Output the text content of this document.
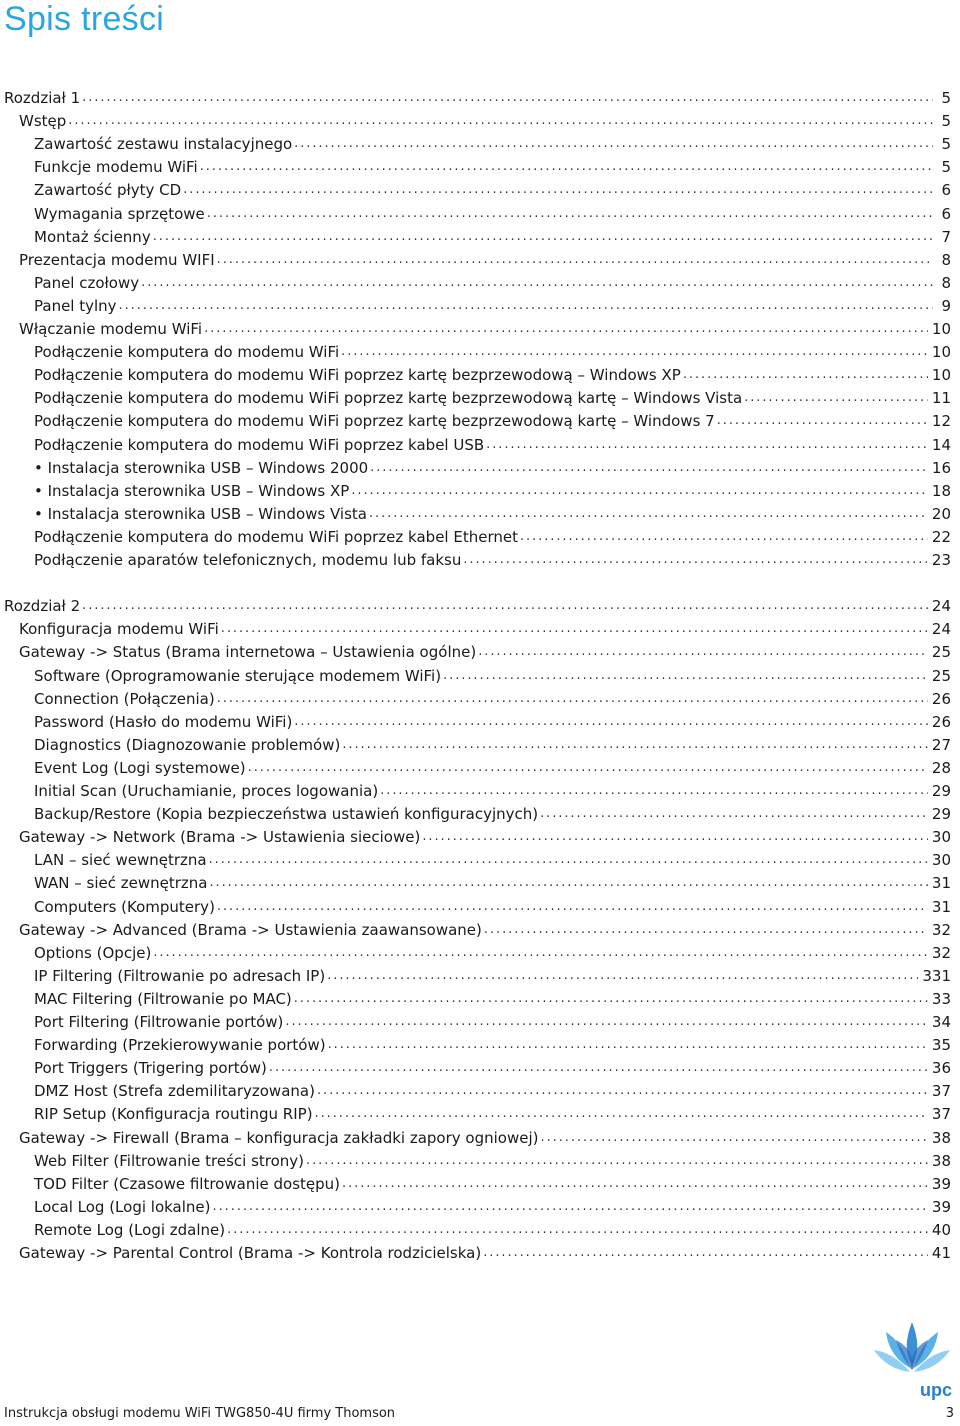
Spis treści
Rozdział 1 . . .	5
Wstęp . . .	5
Zawartość zestawu instalacyjnego . . .	5
Funkcje modemu WiFi . . .	5
Zawartość płyty CD . . .	6
Wymagania sprzętowe . . .	6
Montaż ścienny . . .	7
Prezentacja modemu WIFI . . .	8
Panel czołowy . . .	8
Panel tylny . . .	9
Włączanie modemu WiFi . . .	10
Podłączenie komputera do modemu WiFi . . .	10
Podłączenie komputera do modemu WiFi poprzez kartę bezprzewodową – Windows XP . . .	10
Podłączenie komputera do modemu WiFi poprzez kartę bezprzewodową kartę – Windows Vista . . .	11
Podłączenie komputera do modemu WiFi poprzez kartę bezprzewodową kartę – Windows 7 . . .	12
Podłączenie komputera do modemu WiFi poprzez kabel USB . . .	14
• Instalacja sterownika USB – Windows 2000 . . .	16
• Instalacja sterownika USB – Windows XP . . .	18
• Instalacja sterownika USB – Windows Vista . . .	20
Podłączenie komputera do modemu WiFi poprzez kabel Ethernet . . .	22
Podłączenie aparatów telefonicznych, modemu lub faksu . . .	23
Rozdział 2 . . .	24
Konfiguracja modemu WiFi . . .	24
Gateway -> Status (Brama internetowa – Ustawienia ogólne) . . .	25
Software (Oprogramowanie sterujące modemem WiFi) . . .	25
Connection (Połączenia) . . .	26
Password (Hasło do modemu WiFi) . . .	26
Diagnostics (Diagnozowanie problemów) . . .	27
Event Log (Logi systemowe) . . .	28
Initial Scan (Uruchamianie, proces logowania) . . .	29
Backup/Restore (Kopia bezpieczeństwa ustawień konfiguracyjnych) . . .	29
Gateway -> Network (Brama -> Ustawienia sieciowe) . . .	30
LAN – sieć wewnętrzna . . .	30
WAN – sieć zewnętrzna . . .	31
Computers (Komputery) . . .	31
Gateway -> Advanced (Brama -> Ustawienia zaawansowane) . . .	32
Options (Opcje) . . .	32
IP Filtering (Filtrowanie po adresach IP) . . .	331
MAC Filtering (Filtrowanie po MAC) . . .	33
Port Filtering (Filtrowanie portów) . . .	34
Forwarding (Przekierowywanie portów) . . .	35
Port Triggers (Trigering portów) . . .	36
DMZ Host (Strefa zdemilitaryzowana) . . .	37
RIP Setup (Konfiguracja routingu RIP) . . .	37
Gateway -> Firewall (Brama – konfiguracja zakładki zapory ogniowej) . . .	38
Web Filter (Filtrowanie treści strony) . . .	38
TOD Filter (Czasowe filtrowanie dostępu) . . .	39
Local Log (Logi lokalne) . . .	39
Remote Log (Logi zdalne) . . .	40
Gateway -> Parental Control (Brama -> Kontrola rodzicielska) . . .	41
upc
Instrukcja obsługi modemu WiFi TWG850-4U firmy Thomson	3
